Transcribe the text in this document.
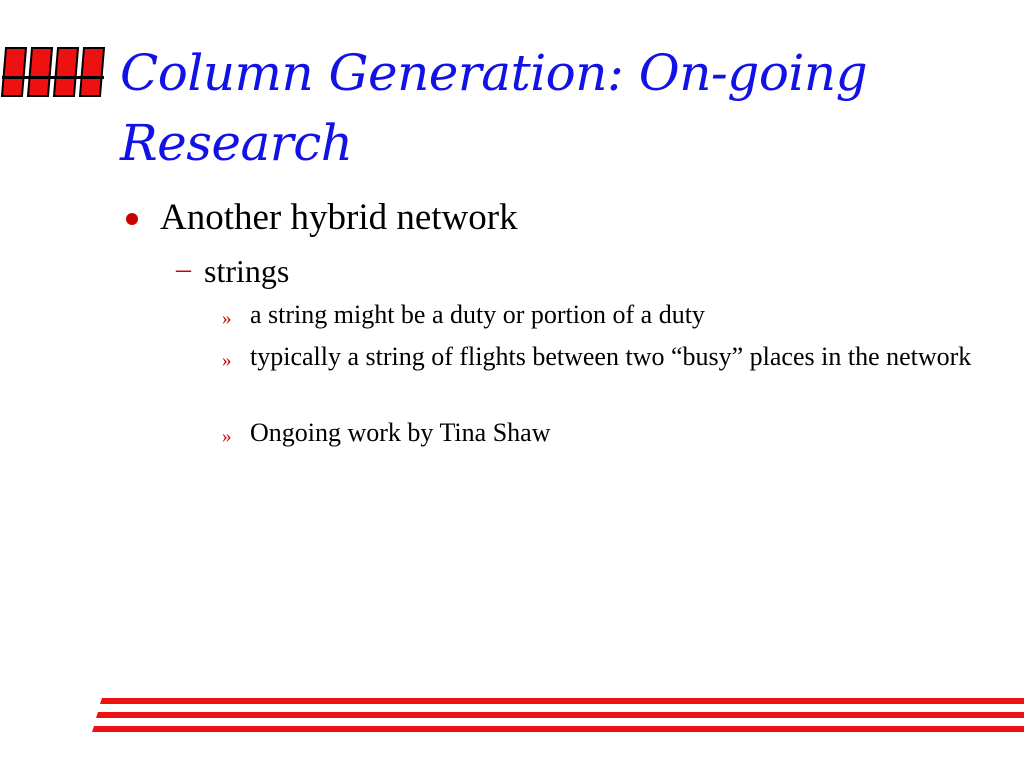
Column Generation: On-going
Research
Another hybrid network
– strings
» a string might be a duty or portion of a duty
» typically a string of flights between two “busy” places in the network
» Ongoing work by Tina Shaw
